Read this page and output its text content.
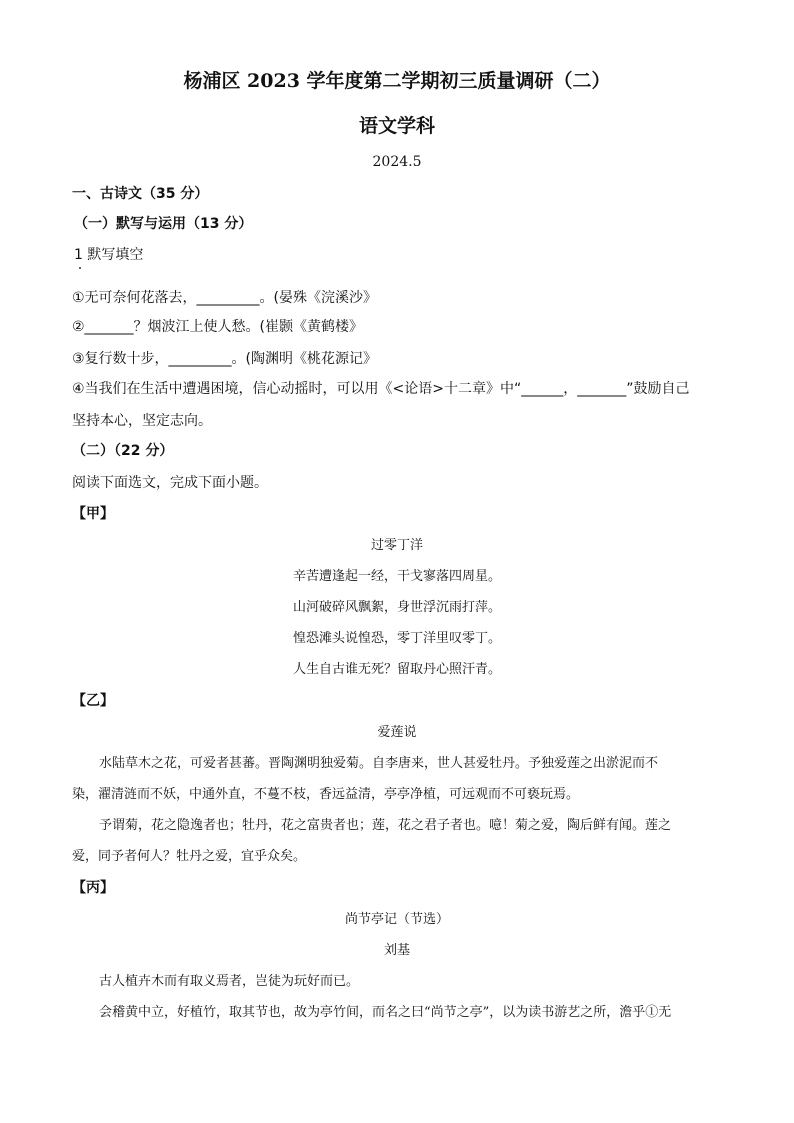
杨浦区 2023 学年度第二学期初三质量调研（二）
语文学科
2024.5
一、古诗文（35 分）
（一）默写与运用（13 分）
1 默写填空
①无可奈何花落去，_________。(晏殊《浣溪沙》
②_______？烟波江上使人愁。(崔颢《黄鹤楼》
③复行数十步，_________。(陶渊明《桃花源记》
④当我们在生活中遭遇困境，信心动摇时，可以用《<论语>十二章》中“______，_______”鼓励自己
坚持本心，坚定志向。
（二）（22 分）
阅读下面选文，完成下面小题。
【甲】
过零丁洋
辛苦遭逢起一经，干戈寥落四周星。
山河破碎风飘絮，身世浮沉雨打萍。
惶恐滩头说惶恐，零丁洋里叹零丁。
人生自古谁无死？留取丹心照汗青。
【乙】
爱莲说
水陆草木之花，可爱者甚蕃。晋陶渊明独爱菊。自李唐来，世人甚爱牡丹。予独爱莲之出淤泥而不
染，濯清涟而不妖，中通外直，不蔓不枝，香远益清，亭亭净植，可远观而不可亵玩焉。
予谓菊，花之隐逸者也；牡丹，花之富贵者也；莲，花之君子者也。噫！菊之爱，陶后鲜有闻。莲之
爱，同予者何人？牡丹之爱，宜乎众矣。
【丙】
尚节亭记（节选）
刘基
古人植卉木而有取义焉者，岂徒为玩好而已。
会稽黄中立，好植竹，取其节也，故为亭竹间，而名之曰“尚节之亭”，以为读书游艺之所，澹乎①无
